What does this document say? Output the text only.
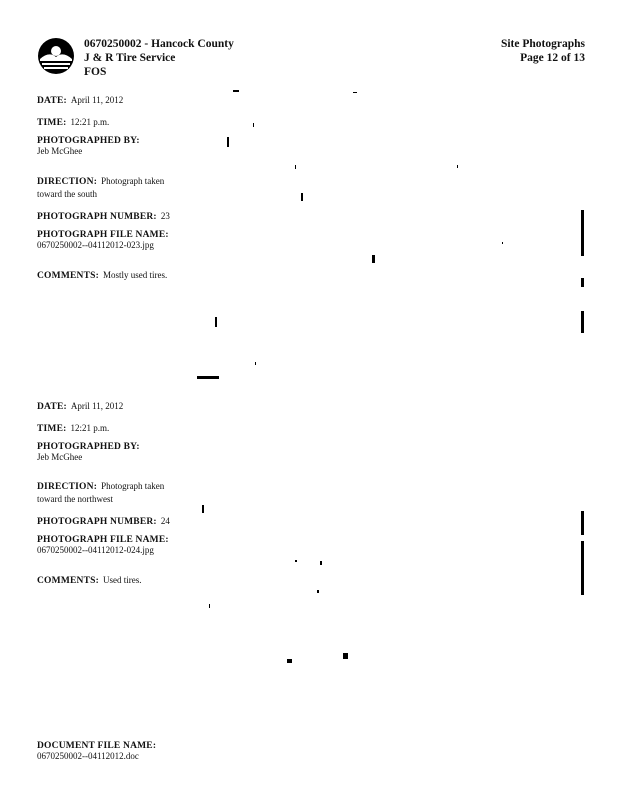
0670250002 - Hancock County
J & R Tire Service
FOS
Site Photographs
Page 12 of 13
DATE: April 11, 2012
TIME: 12:21 p.m.
PHOTOGRAPHED BY:
Jeb McGhee
DIRECTION: Photograph taken
toward the south
PHOTOGRAPH NUMBER: 23
PHOTOGRAPH FILE NAME:
0670250002--04112012-023.jpg
COMMENTS: Mostly used tires.
DATE: April 11, 2012
TIME: 12:21 p.m.
PHOTOGRAPHED BY:
Jeb McGhee
DIRECTION: Photograph taken
toward the northwest
PHOTOGRAPH NUMBER: 24
PHOTOGRAPH FILE NAME:
0670250002--04112012-024.jpg
COMMENTS: Used tires.
DOCUMENT FILE NAME:
0670250002--04112012.doc
